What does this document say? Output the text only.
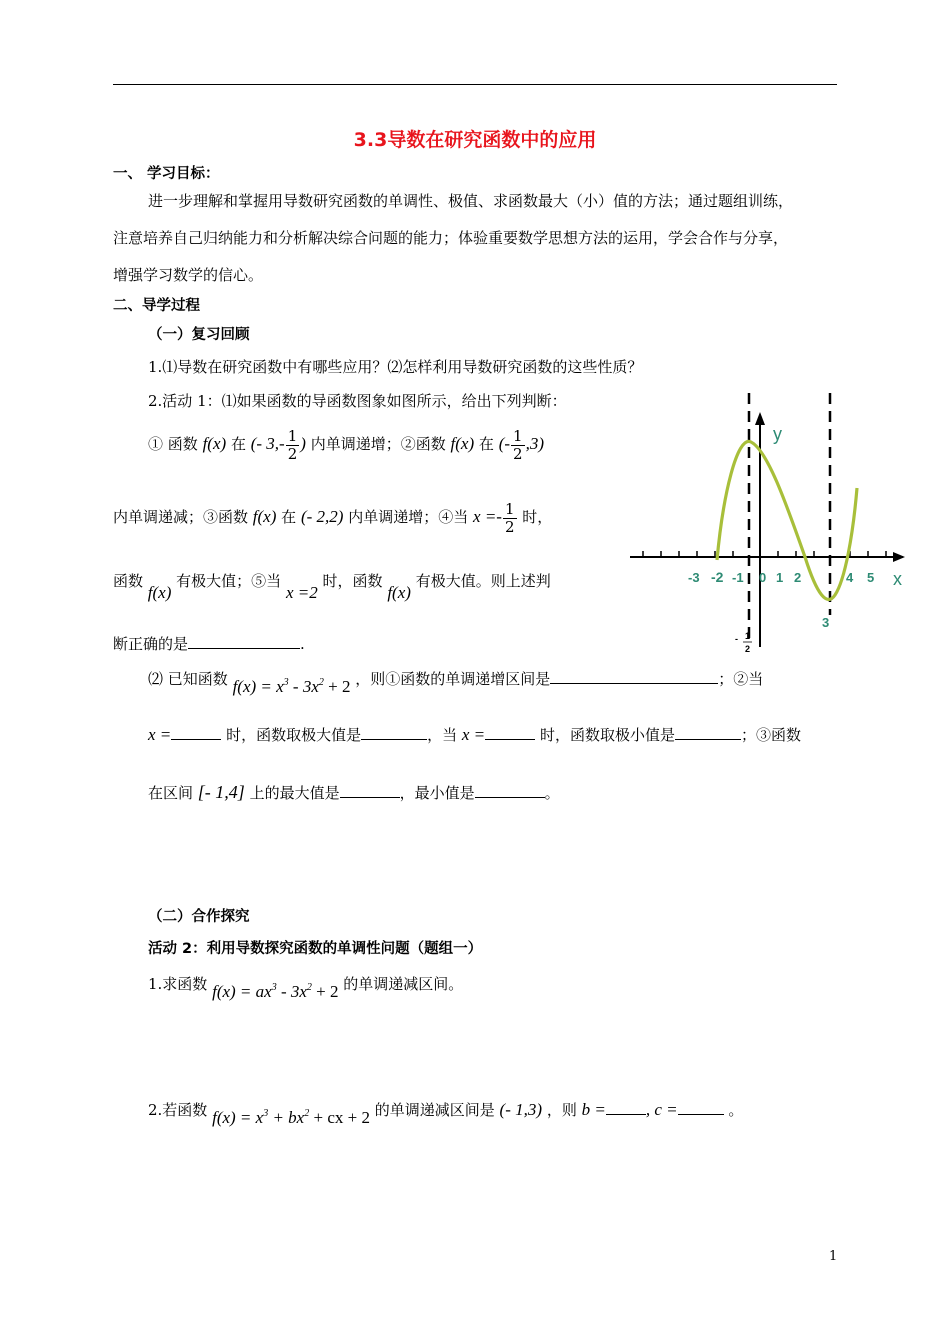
3.3导数在研究函数中的应用
一、 学习目标：
进一步理解和掌握用导数研究函数的单调性、极值、求函数最大（小）值的方法；通过题组训练，
注意培养自己归纳能力和分析解决综合问题的能力；体验重要数学思想方法的运用，学会合作与分享，
增强学习数学的信心。
二、导学过程
（一）复习回顾
1.⑴导数在研究函数中有哪些应用？⑵怎样利用导数研究函数的这些性质？
2.活动 1：⑴如果函数的导函数图象如图所示，给出下列判断：
① 函数 f(x) 在 (- $3,- \frac{1}{2}$ ) 内单调递增；②函数 f(x) 在 (- $\frac{1}{2} ,3$)
内单调递减；③函数 f(x) 在 (- 2,2) 内单调递增；④当 $x =- \frac{1}{2}$ 时，
函数 f(x) 有极大值；⑤当 x =2 时，函数 f(x) 有极大值。则上述判
断正确的是	.
⑵ 已知函数 $f(x) = x^3 - 3x^2 + 2$ ，则①函数的单调递增区间是	；②当
x =	时，函数取极大值是	，当 x =	时，函数取极小值是	；③函数
在区间 [- 1,4] 上的最大值是	，最小值是	。
（二）合作探究
活动 2：利用导数探究函数的单调性问题（题组一）
1.求函数 $f(x) = ax^3 - 3x^2 + 2$ 的单调递减区间。
2.若函数 $f(x) = x^3 + bx^2$ + cx + 2 的单调递减区间是 (- 1,3) ，则 b = , c =	。
1
y
x
-3 -2 -1 0 1 2
3
4 5
- 1
2
